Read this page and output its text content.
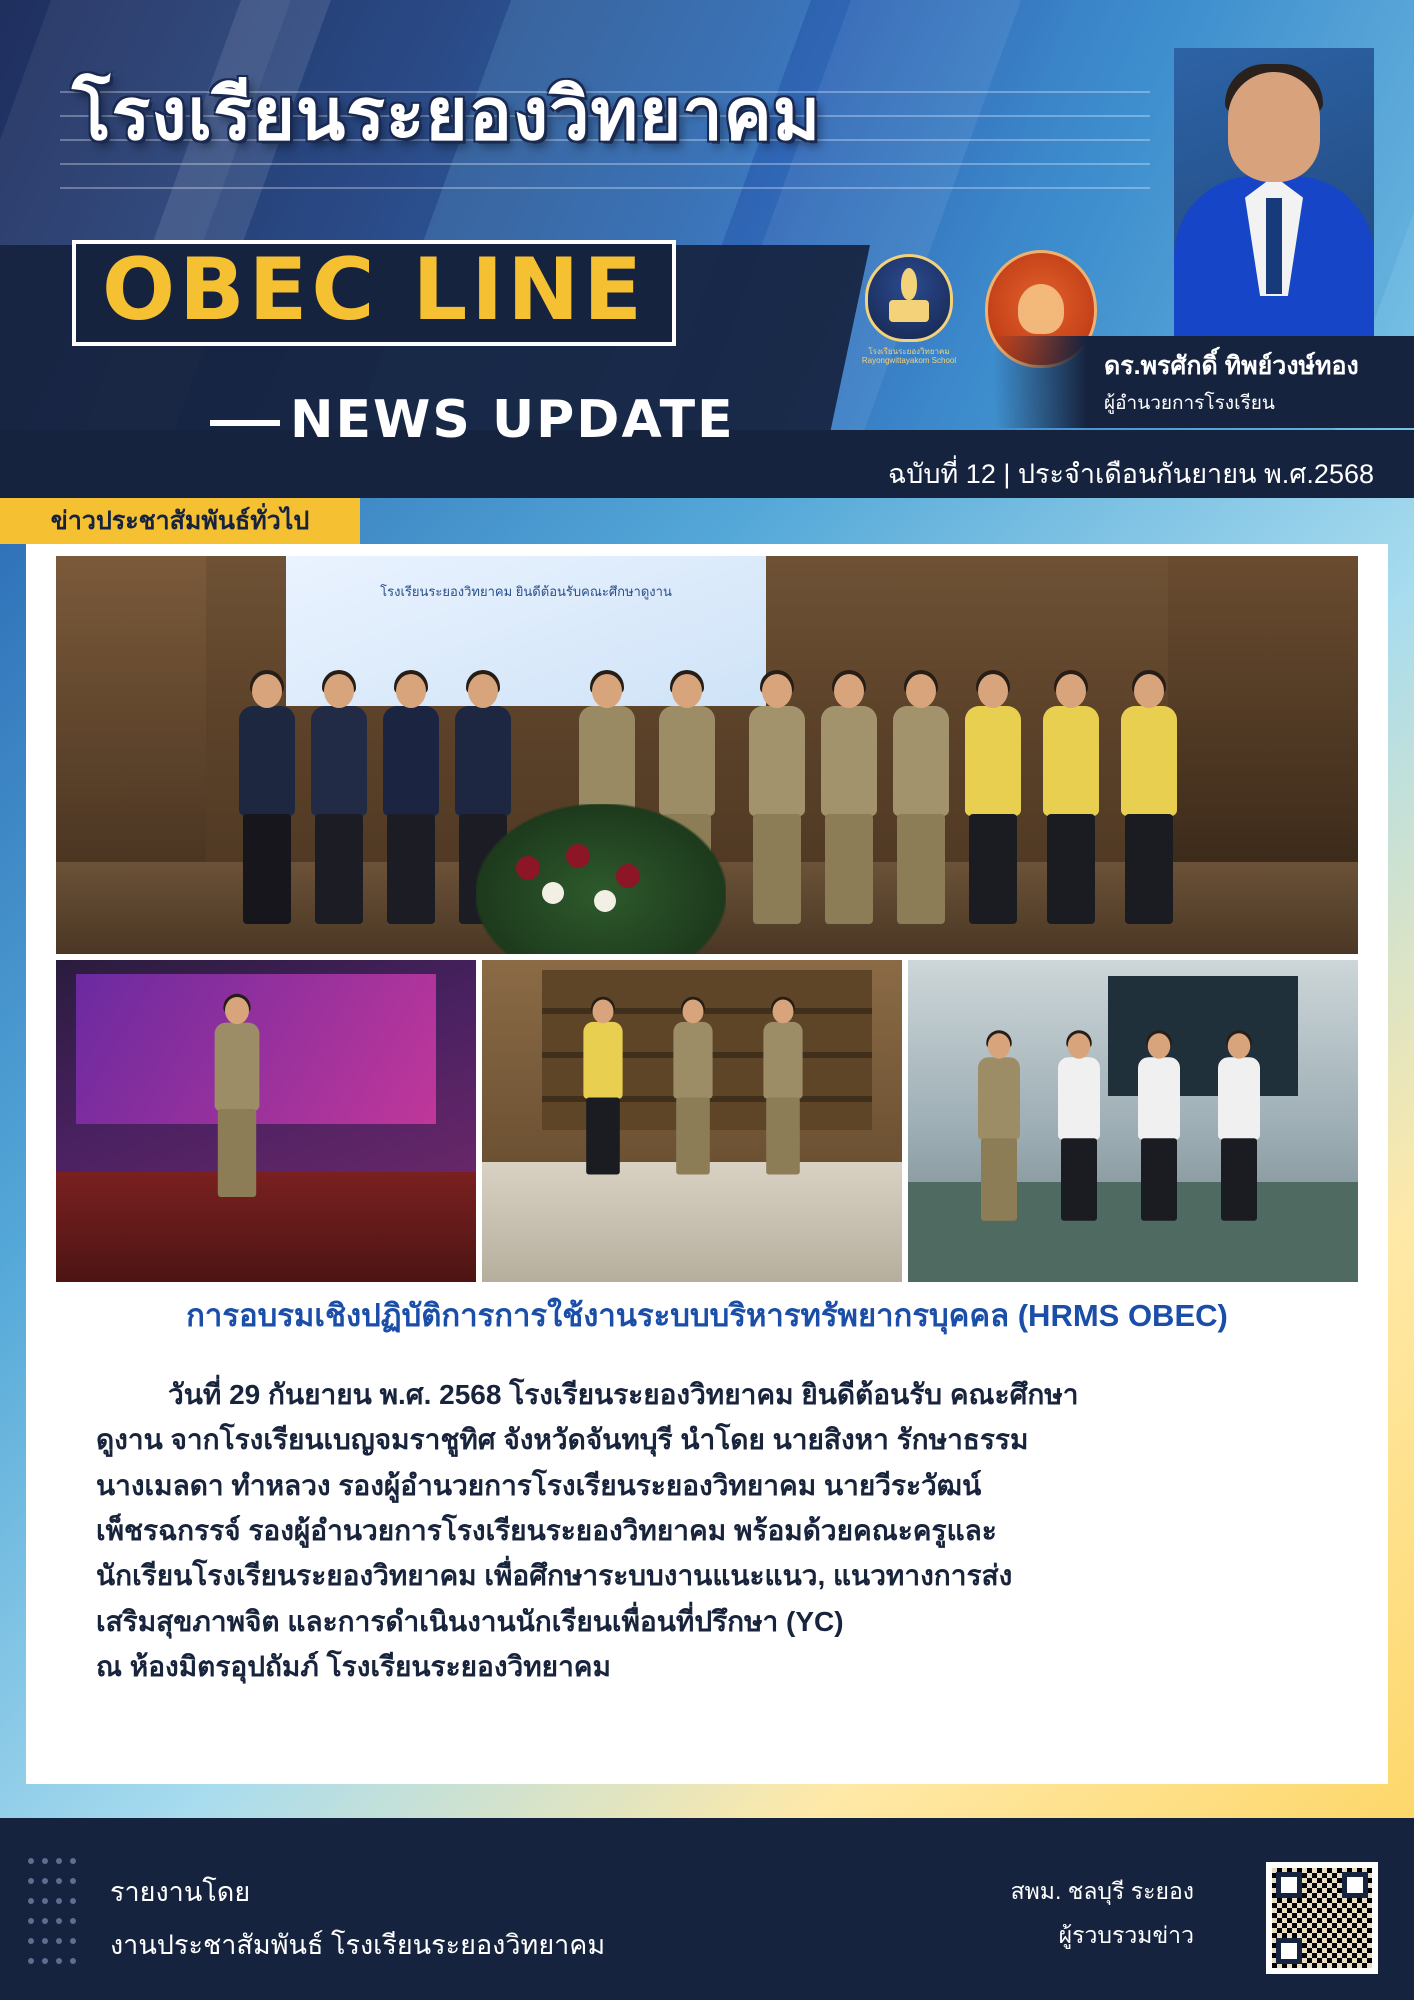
โรงเรียนระยองวิทยาคม
OBEC LINE
NEWS UPDATE
ฉบับที่ 12 | ประจำเดือนกันยายน พ.ศ.2568
โรงเรียนระยองวิทยาคม Rayongwittayakom School	ดร.พรศักดิ์ ทิพย์วงษ์ทอง
ผู้อำนวยการโรงเรียน
ข่าวประชาสัมพันธ์ทั่วไป
โรงเรียนระยองวิทยาคม ยินดีต้อนรับคณะศึกษาดูงาน
การอบรมเชิงปฏิบัติการการใช้งานระบบบริหารทรัพยากรบุคคล (HRMS OBEC)

วันที่ 29 กันยายน พ.ศ. 2568 โรงเรียนระยองวิทยาคม ยินดีต้อนรับ คณะศึกษา

ดูงาน จากโรงเรียนเบญจมราชูทิศ จังหวัดจันทบุรี นำโดย นายสิงหา รักษาธรรม

นางเมลดา ทำหลวง รองผู้อำนวยการโรงเรียนระยองวิทยาคม นายวีระวัฒน์

เพ็ชรฉกรรจ์ รองผู้อำนวยการโรงเรียนระยองวิทยาคม พร้อมด้วยคณะครูและ

นักเรียนโรงเรียนระยองวิทยาคม เพื่อศึกษาระบบงานแนะแนว, แนวทางการส่ง

เสริมสุขภาพจิต และการดำเนินงานนักเรียนเพื่อนที่ปรึกษา (YC)

ณ ห้องมิตรอุปถัมภ์ โรงเรียนระยองวิทยาคม

รายงานโดย
งานประชาสัมพันธ์ โรงเรียนระยองวิทยาคม
สพม. ชลบุรี ระยอง
ผู้รวบรวมข่าว
